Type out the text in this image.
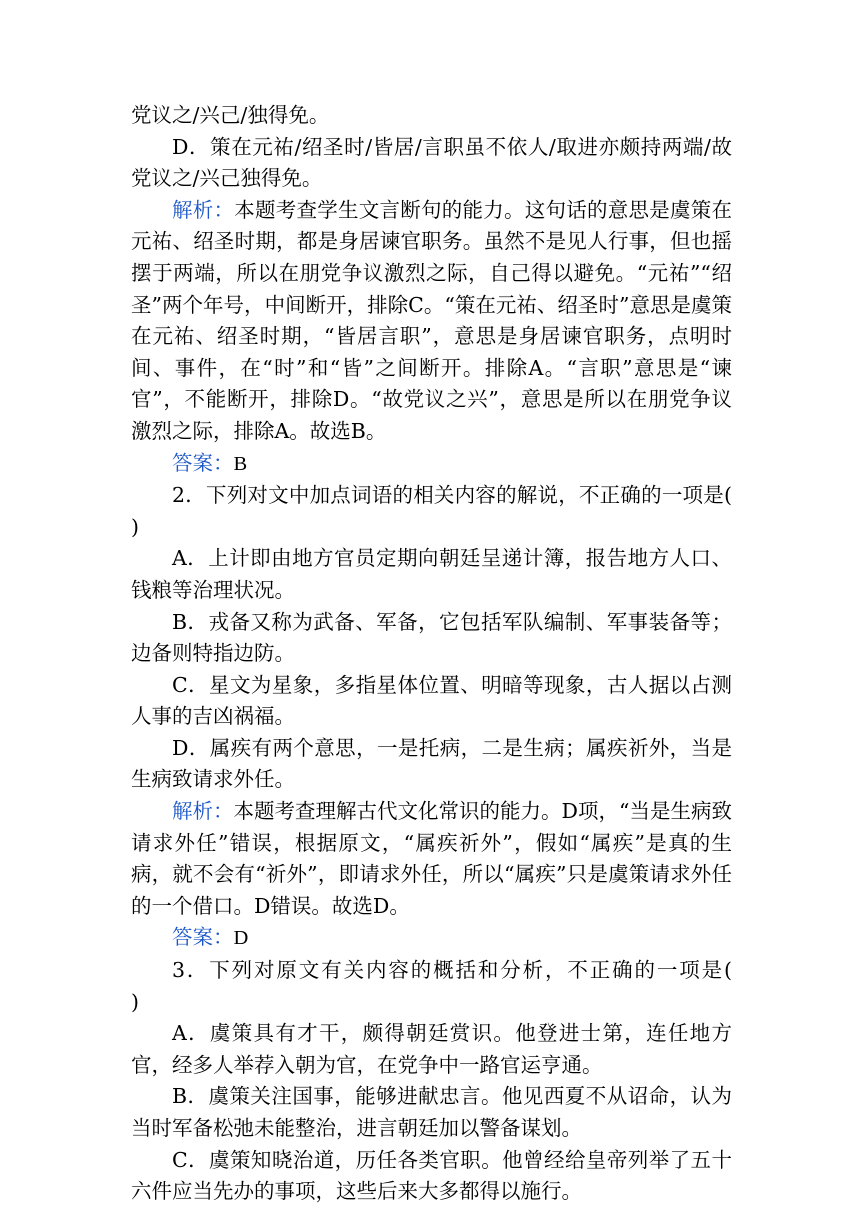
党议之/兴己/独得免。

D．策在元祐/绍圣时/皆居/言职虽不依人/取进亦颇持两端/故党议之/兴己独得免。

解析：本题考查学生文言断句的能力。这句话的意思是虞策在元祐、绍圣时期，都是身居谏官职务。虽然不是见人行事，但也摇摆于两端，所以在朋党争议激烈之际，自己得以避免。“元祐”“绍圣”两个年号，中间断开，排除C。“策在元祐、绍圣时”意思是虞策在元祐、绍圣时期，“皆居言职”，意思是身居谏官职务，点明时间、事件，在“时”和“皆”之间断开。排除A。“言职”意思是“谏官”，不能断开，排除D。“故党议之兴”，意思是所以在朋党争议激烈之际，排除A。故选B。

答案：B

2．下列对文中加点词语的相关内容的解说，不正确的一项是(　　)

A．上计即由地方官员定期向朝廷呈递计簿，报告地方人口、钱粮等治理状况。

B．戎备又称为武备、军备，它包括军队编制、军事装备等；边备则特指边防。

C．星文为星象，多指星体位置、明暗等现象，古人据以占测人事的吉凶祸福。

D．属疾有两个意思，一是托病，二是生病；属疾祈外，当是生病致请求外任。

解析：本题考查理解古代文化常识的能力。D项，“当是生病致请求外任”错误，根据原文，“属疾祈外”，假如“属疾”是真的生病，就不会有“祈外”，即请求外任，所以“属疾”只是虞策请求外任的一个借口。D错误。故选D。

答案：D

3．下列对原文有关内容的概括和分析，不正确的一项是(　　)

A．虞策具有才干，颇得朝廷赏识。他登进士第，连任地方官，经多人举荐入朝为官，在党争中一路官运亨通。

B．虞策关注国事，能够进献忠言。他见西夏不从诏命，认为当时军备松弛未能整治，进言朝廷加以警备谋划。

C．虞策知晓治道，历任各类官职。他曾经给皇帝列举了五十六件应当先办的事项，这些后来大多都得以施行。
